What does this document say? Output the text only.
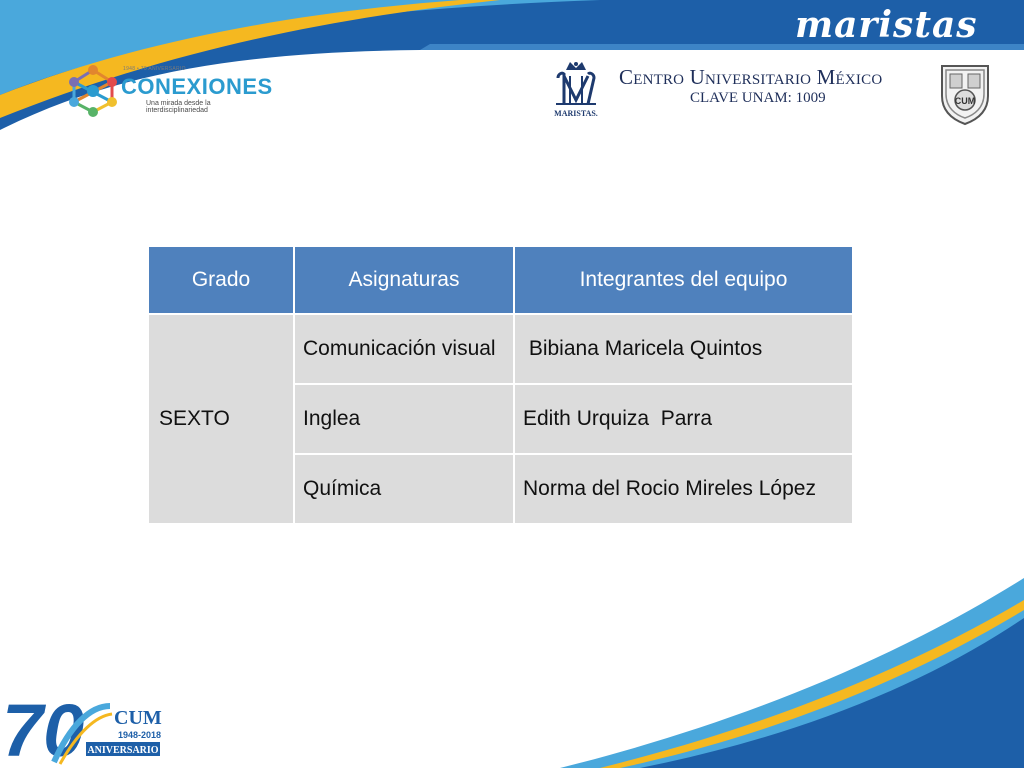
maristas
1948 • 70 ANIVERSARIO
CONEXIONES
Una mirada desde la interdisciplinariedad	MARISTAS.
Centro Universitario México
CLAVE UNAM: 1009	CUM
Grado	Asignaturas	Integrantes del equipo
SEXTO	Comunicación visual	Bibiana Maricela Quintos
	Inglea	Edith Urquiza  Parra
	Química	Norma del Rocio Mireles López
70 CUM
1948-2018
ANIVERSARIO
